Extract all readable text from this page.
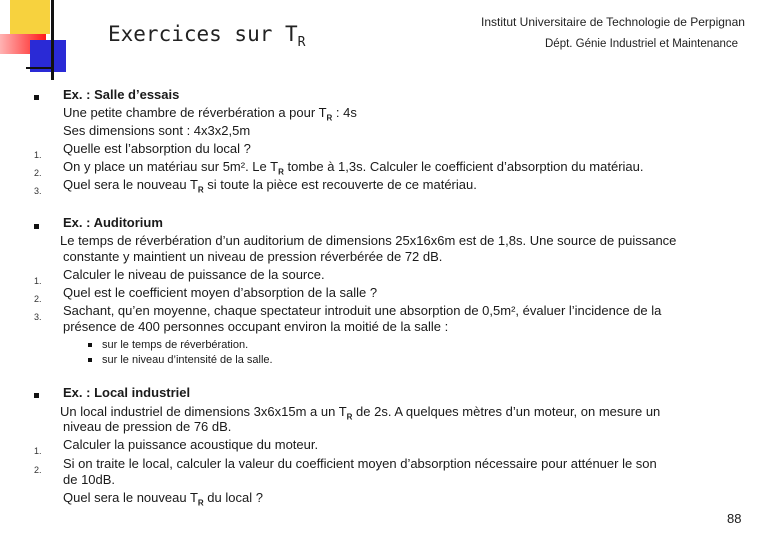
Exercices sur $T_R$
Institut Universitaire de Technologie de Perpignan
Dépt. Génie Industriel et Maintenance
Ex. : Salle d’essais
Une petite chambre de réverbération a pour $T_R$ : 4s
Ses dimensions sont : 4x3x2,5m
1. Quelle est l’absorption du local ?
2. On y place un matériau sur 5m². Le $T_R$ tombe à 1,3s. Calculer le coefficient d’absorption du matériau.
3. Quel sera le nouveau $T_R$ si toute la pièce est recouverte de ce matériau.
Ex. : Auditorium
Le temps de réverbération d’un auditorium de dimensions 25x16x6m est de 1,8s. Une source de puissance
constante y maintient un niveau de pression réverbérée de 72 dB.
1. Calculer le niveau de puissance de la source.
2. Quel est le coefficient moyen d’absorption de la salle ?
3. Sachant, qu’en moyenne, chaque spectateur introduit une absorption de 0,5m², évaluer l’incidence de la
présence de 400 personnes occupant environ la moitié de la salle :
sur le temps de réverbération.
sur le niveau d’intensité de la salle.
Ex. : Local industriel
Un local industriel de dimensions 3x6x15m a un $T_R$ de 2s. A quelques mètres d’un moteur, on mesure un
niveau de pression de 76 dB.
1. Calculer la puissance acoustique du moteur.
2. Si on traite le local, calculer la valeur du coefficient moyen d’absorption nécessaire pour atténuer le son
de 10dB.
Quel sera le nouveau $T_R$ du local ?
88
